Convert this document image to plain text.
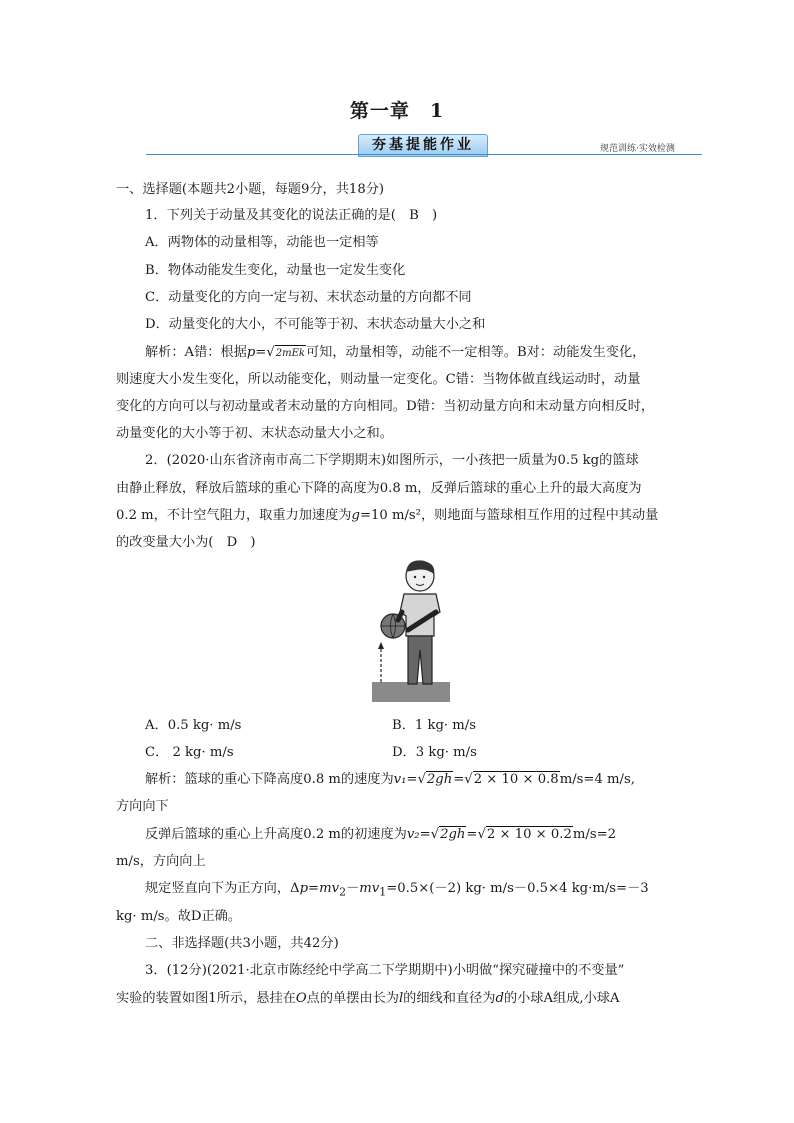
第一章　1
夯基提能作业	规范训练·实效检测
一、选择题(本题共2小题，每题9分，共18分)
1．下列关于动量及其变化的说法正确的是(　B　)
A．两物体的动量相等，动能也一定相等
B．物体动能发生变化，动量也一定发生变化
C．动量变化的方向一定与初、末状态动量的方向都不同
D．动量变化的大小，不可能等于初、末状态动量大小之和
解析：A错：根据p=√2mEk可知，动量相等，动能不一定相等。B对：动能发生变化，
则速度大小发生变化，所以动能变化，则动量一定变化。C错：当物体做直线运动时，动量
变化的方向可以与初动量或者末动量的方向相同。D错：当初动量方向和末动量方向相反时，
动量变化的大小等于初、末状态动量大小之和。
2．(2020·山东省济南市高二下学期期末)如图所示，一小孩把一质量为0.5 kg的篮球
由静止释放，释放后篮球的重心下降的高度为0.8 m，反弹后篮球的重心上升的最大高度为
0.2 m，不计空气阻力，取重力加速度为g=10 m/s²，则地面与篮球相互作用的过程中其动量
的改变量大小为(　D　)
A．0.5 kg· m/s	B．1 kg· m/s
C． 2 kg· m/s	D．3 kg· m/s
解析：篮球的重心下降高度0.8 m的速度为v₁=√2gh=√2 × 10 × 0.8m/s=4 m/s,
方向向下
反弹后篮球的重心上升高度0.2 m的初速度为v₂=√2gh=√2 × 10 × 0.2m/s=2
m/s，方向向上
规定竖直向下为正方向，$\Delta p=mv_2-mv_1=0.5\times(-2)$ kg· m/s－0.5×4 kg·m/s=－3
kg· m/s。故D正确。
二、非选择题(共3小题，共42分)
3．(12分)(2021·北京市陈经纶中学高二下学期期中)小明做“探究碰撞中的不变量”
实验的装置如图1所示，悬挂在O点的单摆由长为l的细线和直径为d的小球A组成,小球A
